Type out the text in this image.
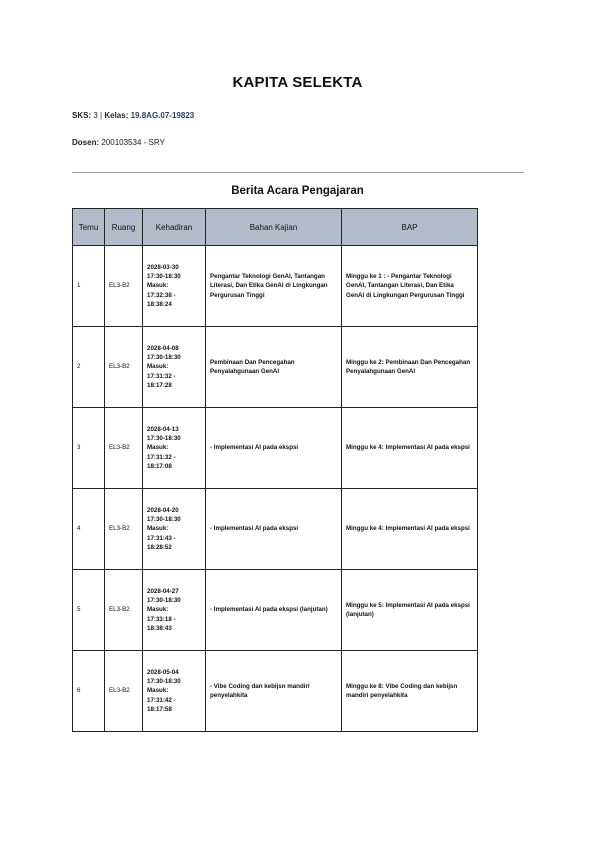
KAPITA SELEKTA
SKS: 3 | Kelas: 19.8AG.07-19823
Dosen: 200103534 - SRY
Berita Acara Pengajaran
Temu	Ruang	Kehadiran	Bahan Kajian	BAP
1	EL3-B2	2028-03-30
17:30-18:30
Masuk:
17:32:38 -
18:38:24	Pengantar Teknologi GenAI, Tantangan Literasi, Dan Etika GenAI di Lingkungan Pergurusan Tinggi	Minggu ke 1 : - Pengantar Teknologi GenAI, Tantangan Literasi, Dan Etika GenAI di Lingkungan Pergurusan Tinggi
2	EL3-B2	2028-04-08
17:30-18:30
Masuk:
17:31:32 -
18:17:28	Pembinaan Dan Pencegahan Penyalahgunaan GenAI	Minggu ke 2: Pembinaan Dan Pencegahan Penyalahgunaan GenAI
3	EL3-B2	2028-04-13
17:30-18:30
Masuk:
17:31:32 -
18:17:08	- Implementasi AI pada ekspsi	Minggu ke 4: Implementasi AI pada ekspsi
4	EL3-B2	2028-04-20
17:30-18:30
Masuk:
17:31:43 -
18:28:52	- Implementasi AI pada ekspsi	Minggu ke 4: Implementasi AI pada ekspsi
5	EL3-B2	2028-04-27
17:30-18:30
Masuk:
17:33:18 -
18:38:43	- Implementasi AI pada ekspsi (lanjutan)	Minggu ke 5: Implementasi AI pada ekspsi (lanjutan)
6	EL3-B2	2028-05-04
17:30-18:30
Masuk:
17:31:42 -
18:17:58	- Vibe Coding dan kebijsn mandiri penyelahkita	Minggu ke 8: Vibe Coding dan kebijsn mandiri penyelahkita
